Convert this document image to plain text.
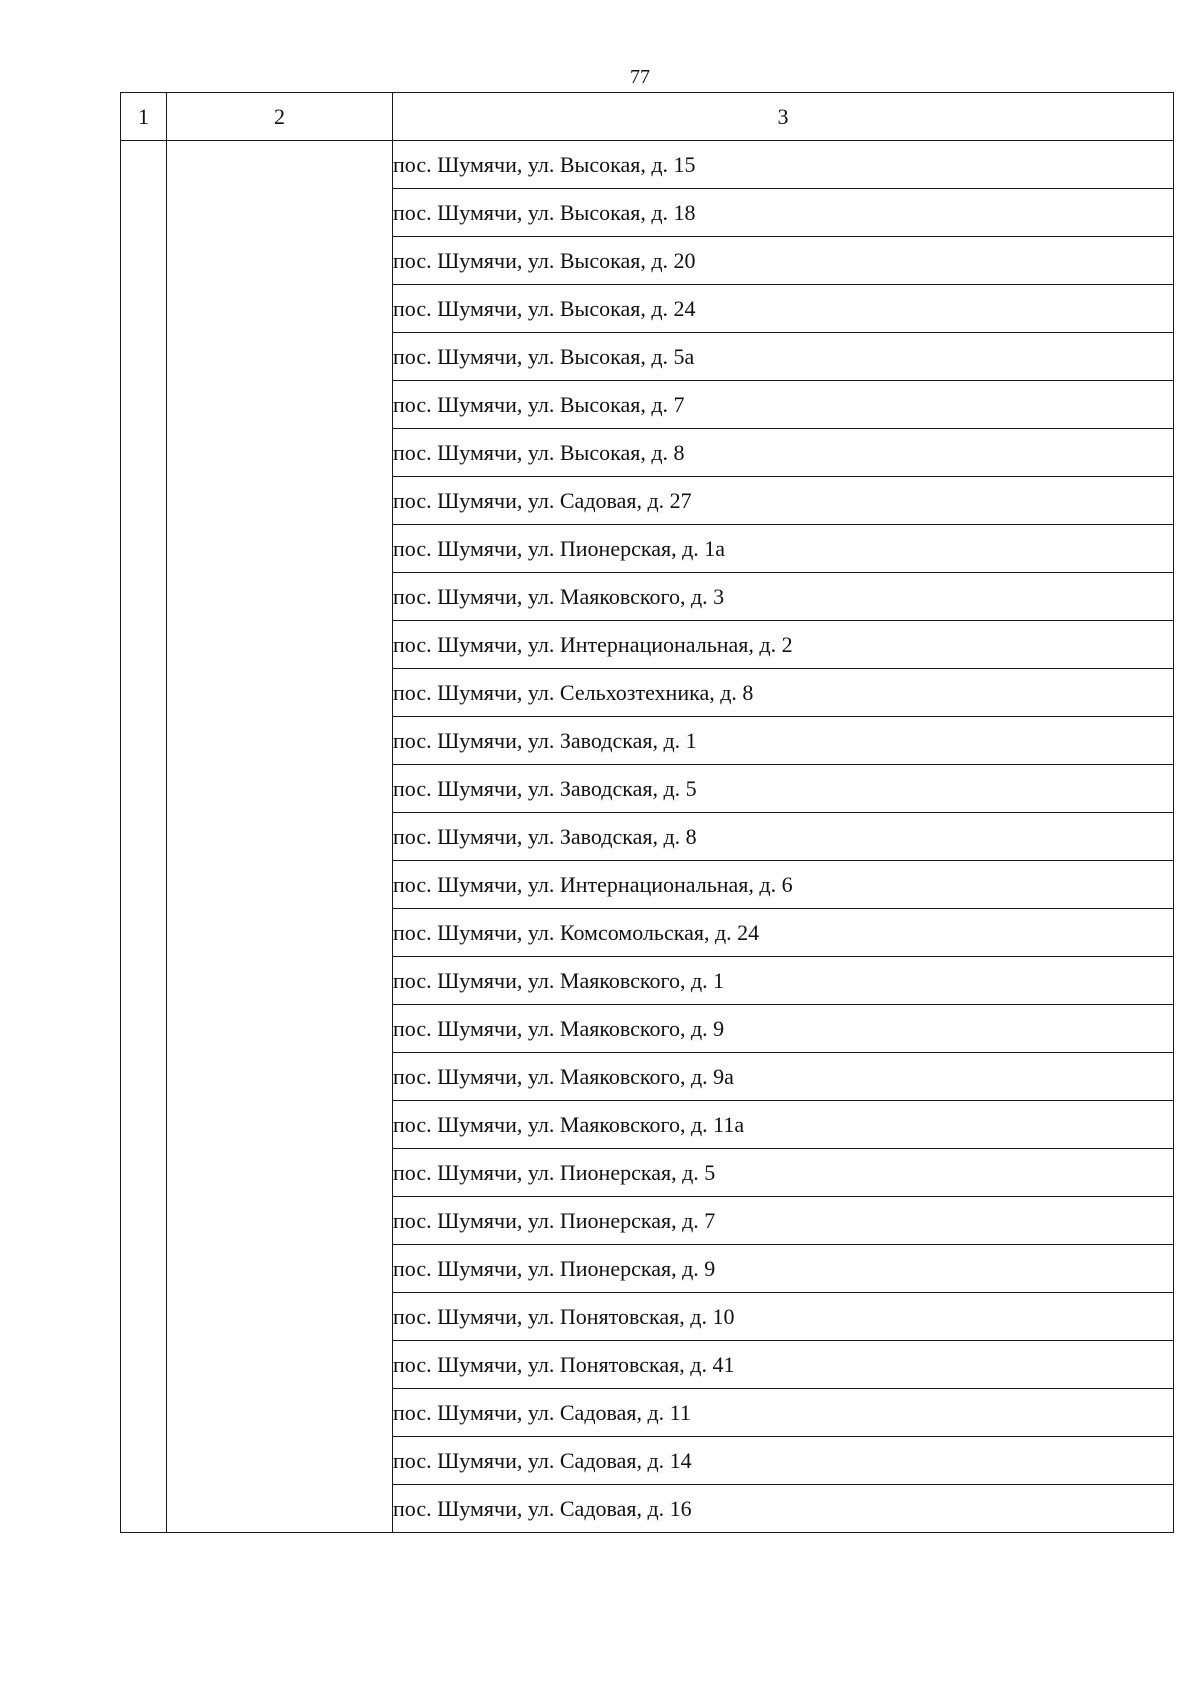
77
1	2	3
		пос. Шумячи, ул. Высокая, д. 15
		пос. Шумячи, ул. Высокая, д. 18
		пос. Шумячи, ул. Высокая, д. 20
		пос. Шумячи, ул. Высокая, д. 24
		пос. Шумячи, ул. Высокая, д. 5а
		пос. Шумячи, ул. Высокая, д. 7
		пос. Шумячи, ул. Высокая, д. 8
		пос. Шумячи, ул. Садовая, д. 27
		пос. Шумячи, ул. Пионерская, д. 1а
		пос. Шумячи, ул. Маяковского, д. 3
		пос. Шумячи, ул. Интернациональная, д. 2
		пос. Шумячи, ул. Сельхозтехника, д. 8
		пос. Шумячи, ул. Заводская, д. 1
		пос. Шумячи, ул. Заводская, д. 5
		пос. Шумячи, ул. Заводская, д. 8
		пос. Шумячи, ул. Интернациональная, д. 6
		пос. Шумячи, ул. Комсомольская, д. 24
		пос. Шумячи, ул. Маяковского, д. 1
		пос. Шумячи, ул. Маяковского, д. 9
		пос. Шумячи, ул. Маяковского, д. 9а
		пос. Шумячи, ул. Маяковского, д. 11а
		пос. Шумячи, ул. Пионерская, д. 5
		пос. Шумячи, ул. Пионерская, д. 7
		пос. Шумячи, ул. Пионерская, д. 9
		пос. Шумячи, ул. Понятовская, д. 10
		пос. Шумячи, ул. Понятовская, д. 41
		пос. Шумячи, ул. Садовая, д. 11
		пос. Шумячи, ул. Садовая, д. 14
		пос. Шумячи, ул. Садовая, д. 16
